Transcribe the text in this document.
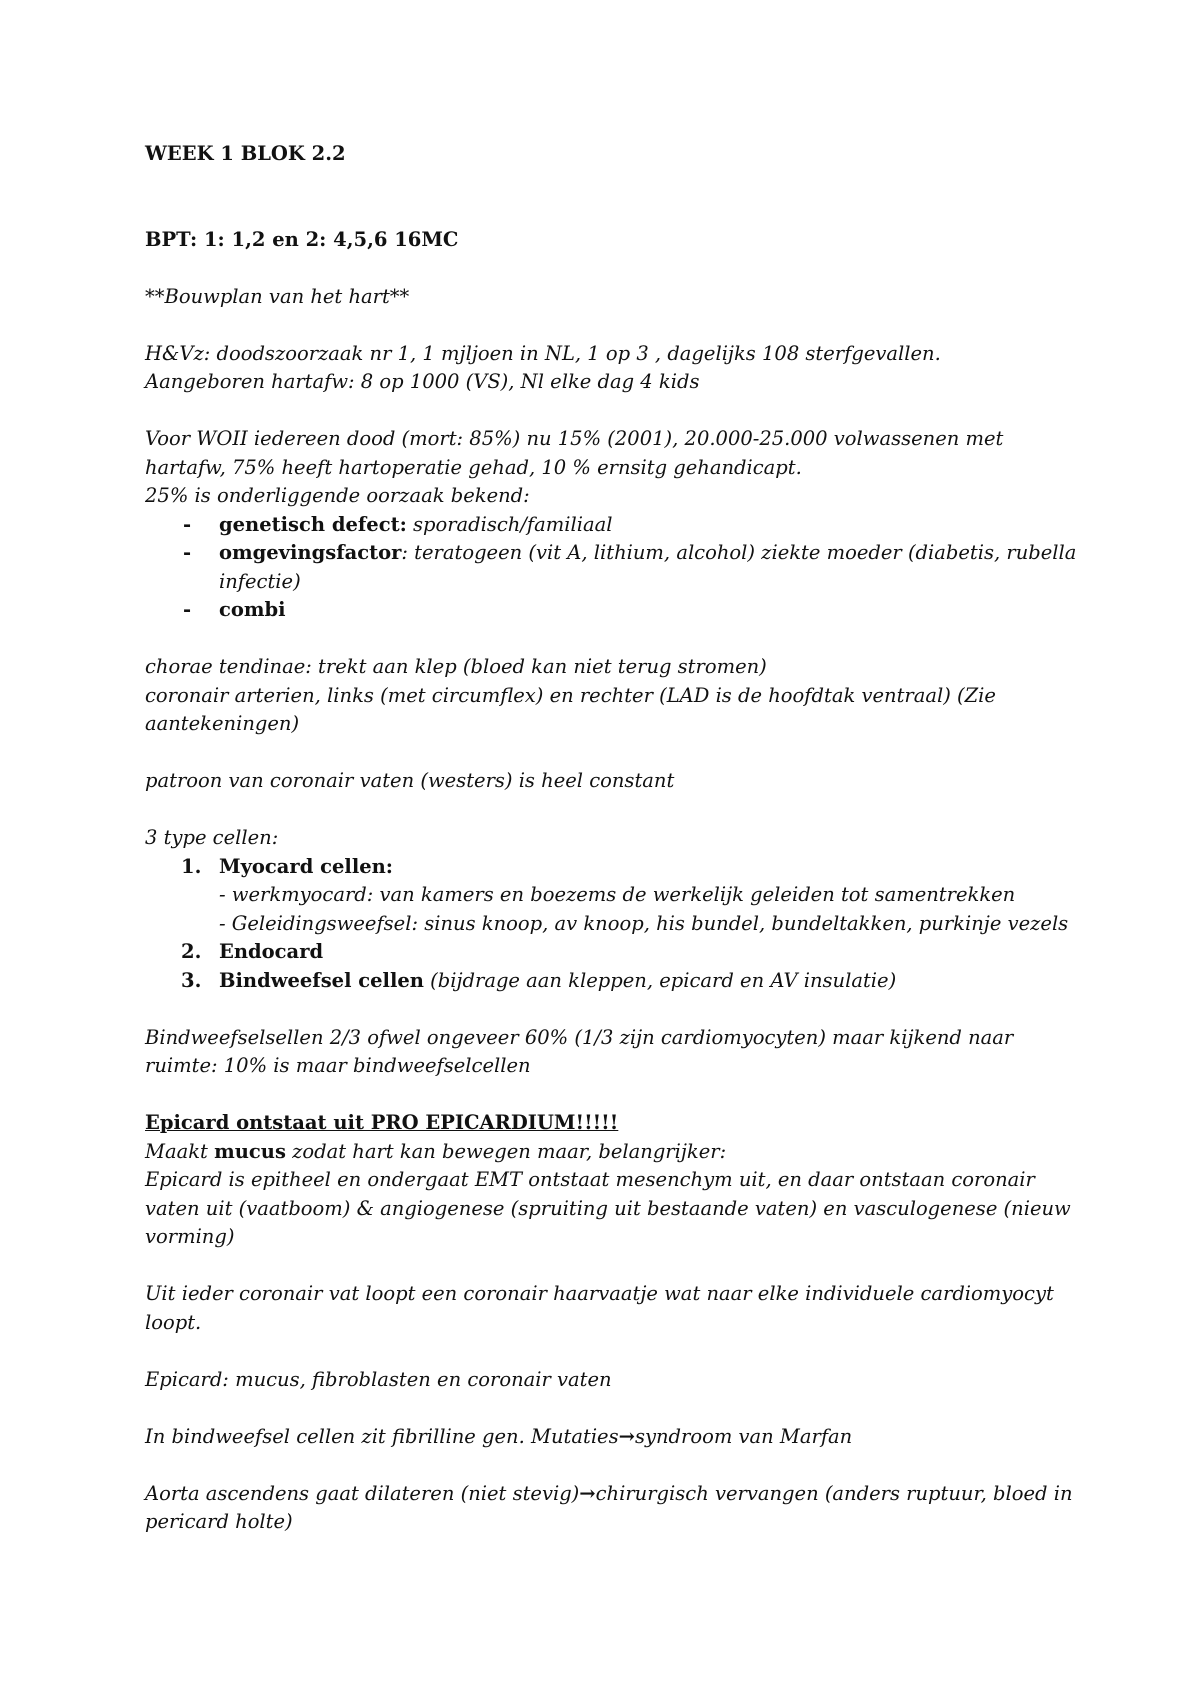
WEEK 1 BLOK 2.2

BPT: 1: 1,2 en 2: 4,5,6 16MC

**Bouwplan van het hart**

H&Vz: doodszoorzaak nr 1, 1 mjljoen in NL, 1 op 3 , dagelijks 108 sterfgevallen.

Aangeboren hartafw: 8 op 1000 (VS), Nl elke dag 4 kids

Voor WOII iedereen dood (mort: 85%) nu 15% (2001), 20.000-25.000 volwassenen met hartafw, 75% heeft hartoperatie gehad, 10 % ernsitg gehandicapt.

25% is onderliggende oorzaak bekend:

- genetisch defect: sporadisch/familiaal
- omgevingsfactor: teratogeen (vit A, lithium, alcohol) ziekte moeder (diabetis, rubella infectie)
- combi

chorae tendinae: trekt aan klep (bloed kan niet terug stromen)

coronair arterien, links (met circumflex) en rechter (LAD is de hoofdtak ventraal) (Zie aantekeningen)

patroon van coronair vaten (westers) is heel constant

3 type cellen:

1. Myocard cellen:

- werkmyocard: van kamers en boezems de werkelijk geleiden tot samentrekken

- Geleidingsweefsel: sinus knoop, av knoop, his bundel, bundeltakken, purkinje vezels

2. Endocard
3. Bindweefsel cellen (bijdrage aan kleppen, epicard en AV insulatie)

Bindweefselsellen 2/3 ofwel ongeveer 60% (1/3 zijn cardiomyocyten) maar kijkend naar ruimte: 10% is maar bindweefselcellen

Epicard ontstaat uit PRO EPICARDIUM!!!!!

Maakt mucus zodat hart kan bewegen maar, belangrijker:

Epicard is epitheel en ondergaat EMT ontstaat mesenchym uit, en daar ontstaan coronair vaten uit (vaatboom) & angiogenese (spruiting uit bestaande vaten) en vasculogenese (nieuw vorming)

Uit ieder coronair vat loopt een coronair haarvaatje wat naar elke individuele cardiomyocyt loopt.

Epicard: mucus, fibroblasten en coronair vaten

In bindweefsel cellen zit fibrilline gen. Mutaties→syndroom van Marfan

Aorta ascendens gaat dilateren (niet stevig)→chirurgisch vervangen (anders ruptuur, bloed in pericard holte)
